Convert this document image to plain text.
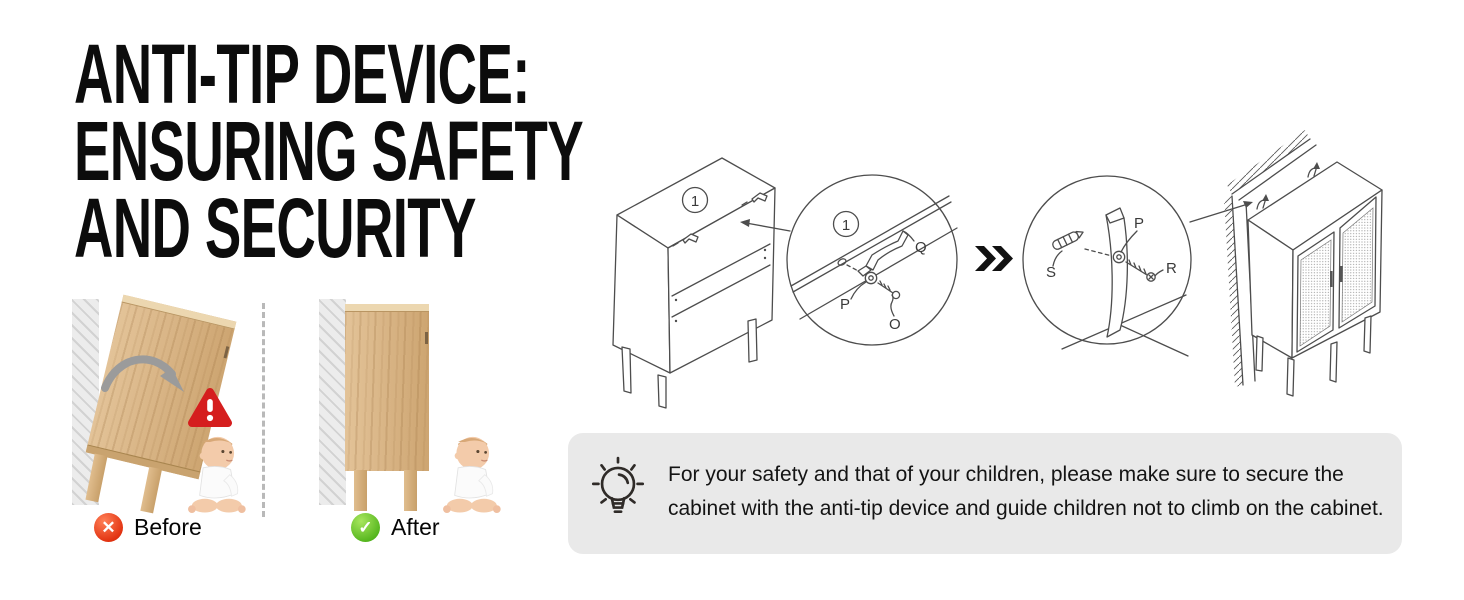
ANTI-TIP DEVICE:
ENSURING SAFETY
AND SECURITY
✕ Before	✓ After
1
1
Q
P
O
S
P
R
For your safety and that of your children, please make sure to secure the
cabinet with the anti-tip device and guide children not to climb on the cabinet.
